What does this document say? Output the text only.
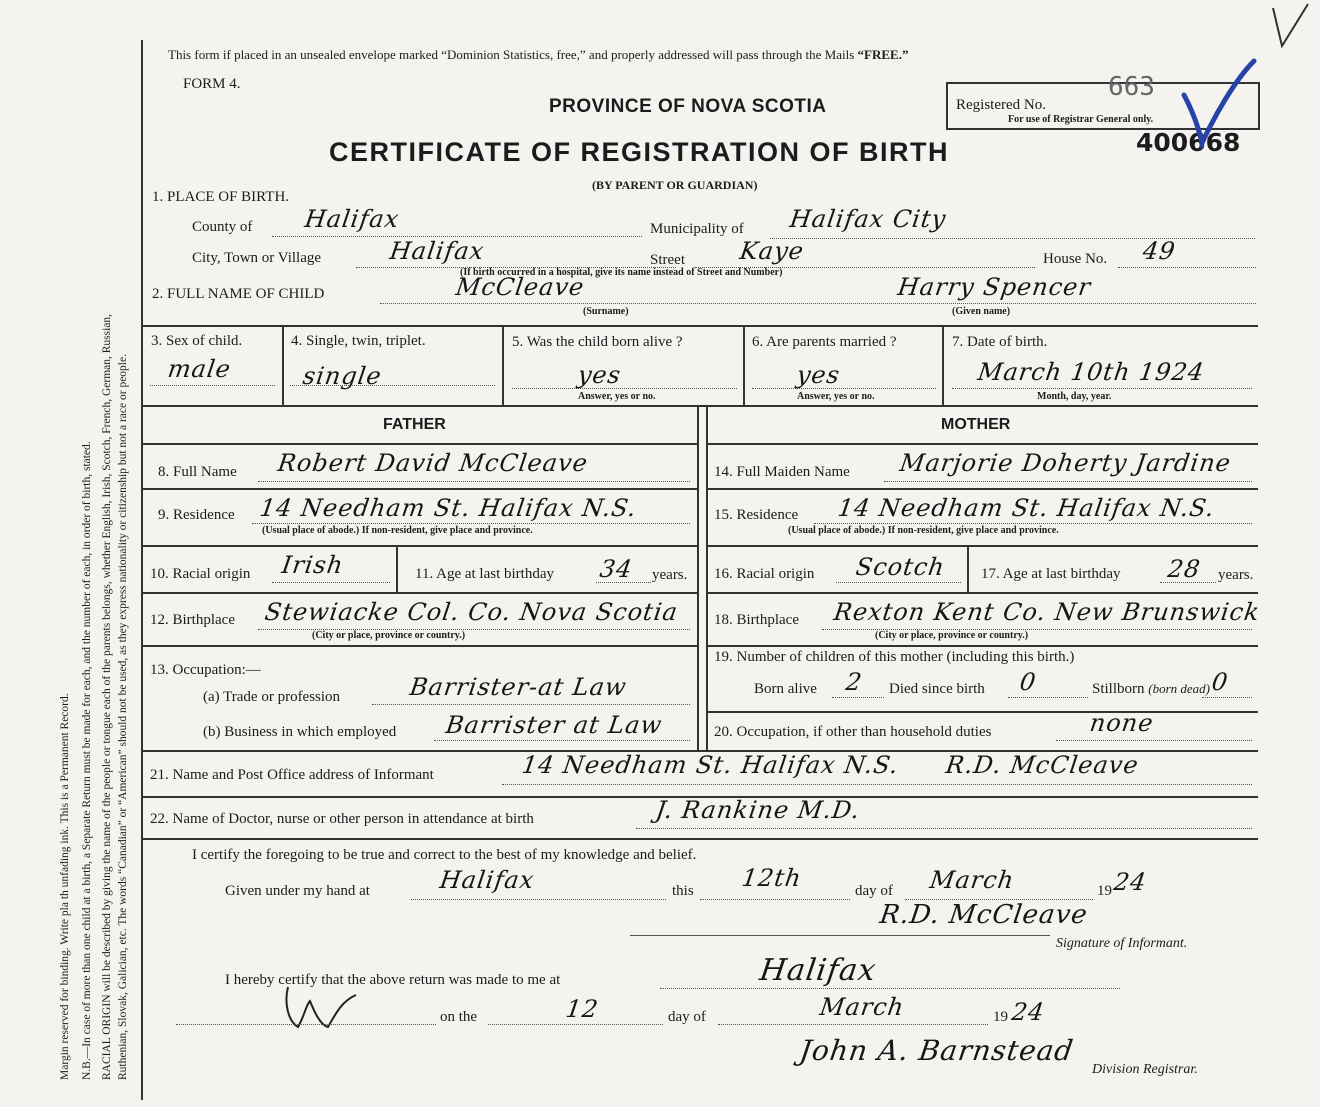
Margin reserved for binding. Write pla th unfading ink. This is a Permanent Record. N.B.—In case of more than one child at a birth, a Separate Return must be made for each, and the number of each, in order of birth, stated. RACIAL ORIGIN will be described by giving the name of the people or tongue each of the parents belongs, whether English, Irish, Scotch, French, German, Russian, Ruthenian, Slovak, Galician, etc. The words “Canadian” or “American” should not be used, as they express nationality or citizenship but not a race or people.
This form if placed in an unsealed envelope marked “Dominion Statistics, free,” and properly addressed will pass through the Mails “FREE.”
FORM 4.
PROVINCE OF NOVA SCOTIA
CERTIFICATE OF REGISTRATION OF BIRTH
(BY PARENT OR GUARDIAN)
Registered No.
663
For use of Registrar General only.
400668
1. PLACE OF BIRTH.
County of Halifax	Municipality of Halifax City
City, Town or Village	Halifax	Street Kaye	House No. 49
(If birth occurred in a hospital, give its name instead of Street and Number)
2. FULL NAME OF CHILD	McCleave
(Surname)
Harry Spencer
(Given name)
3. Sex of child.
male
4. Single, twin, triplet.
single
5. Was the child born alive ?
yes
Answer, yes or no.
6. Are parents married ?
yes
Answer, yes or no.
7. Date of birth.
March 10th 1924
Month, day, year.
FATHER	MOTHER
8. Full Name Robert David McCleave
9. Residence 14 Needham St. Halifax N.S.
(Usual place of abode.) If non-resident, give place and province.
10. Racial origin Irish	11. Age at last birthday 34 years.
12. Birthplace Stewiacke Col. Co. Nova Scotia
(City or place, province or country.)
13. Occupation:—
(a) Trade or profession	Barrister-at Law
(b) Business in which employed Barrister at Law
14. Full Maiden Name Marjorie Doherty Jardine
15. Residence 14 Needham St. Halifax N.S.
(Usual place of abode.) If non-resident, give place and province.
16. Racial origin Scotch 17. Age at last birthday 28 years.
18. Birthplace Rexton Kent Co. New Brunswick
(City or place, province or country.)
19. Number of children of this mother (including this birth.)
Born alive 2 Died since birth 0	Stillborn (born dead) 0
20. Occupation, if other than household duties	none
21. Name and Post Office address of Informant	14 Needham St. Halifax N.S. R.D. McCleave
22. Name of Doctor, nurse or other person in attendance at birth	J. Rankine M.D.
I certify the foregoing to be true and correct to the best of my knowledge and belief.
Given under my hand at	Halifax	this 12th	day of March	19 24
R.D. McCleave
Signature of Informant.
I hereby certify that the above return was made to me at	Halifax
on the	12	day of	March	19 24
John A. Barnstead
Division Registrar.
